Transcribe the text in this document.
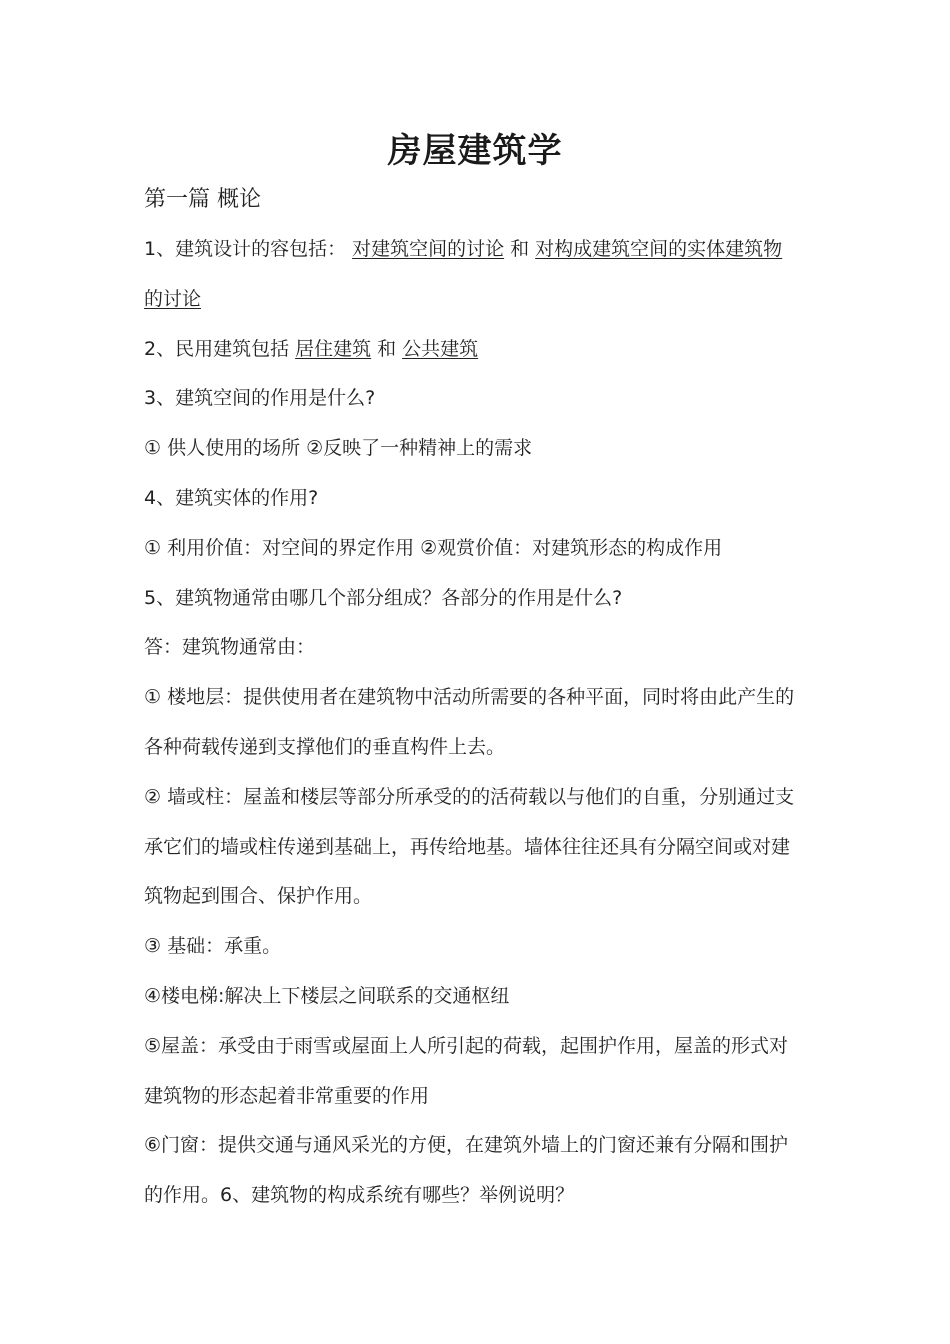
房屋建筑学
第一篇 概论
1、建筑设计的容包括： 对建筑空间的讨论 和 对构成建筑空间的实体建筑物
的讨论
2、民用建筑包括 居住建筑 和 公共建筑
3、建筑空间的作用是什么?
① 供人使用的场所 ②反映了一种精神上的需求
4、建筑实体的作用?
① 利用价值：对空间的界定作用 ②观赏价值：对建筑形态的构成作用
5、建筑物通常由哪几个部分组成？各部分的作用是什么?
答：建筑物通常由：
① 楼地层：提供使用者在建筑物中活动所需要的各种平面，同时将由此产生的
各种荷载传递到支撑他们的垂直构件上去。
② 墙或柱：屋盖和楼层等部分所承受的的活荷载以与他们的自重，分别通过支
承它们的墙或柱传递到基础上，再传给地基。墙体往往还具有分隔空间或对建
筑物起到围合、保护作用。
③ 基础：承重。
④楼电梯:解决上下楼层之间联系的交通枢纽
⑤屋盖：承受由于雨雪或屋面上人所引起的荷载，起围护作用，屋盖的形式对
建筑物的形态起着非常重要的作用
⑥门窗：提供交通与通风采光的方便，在建筑外墙上的门窗还兼有分隔和围护
的作用。6、建筑物的构成系统有哪些？举例说明？
